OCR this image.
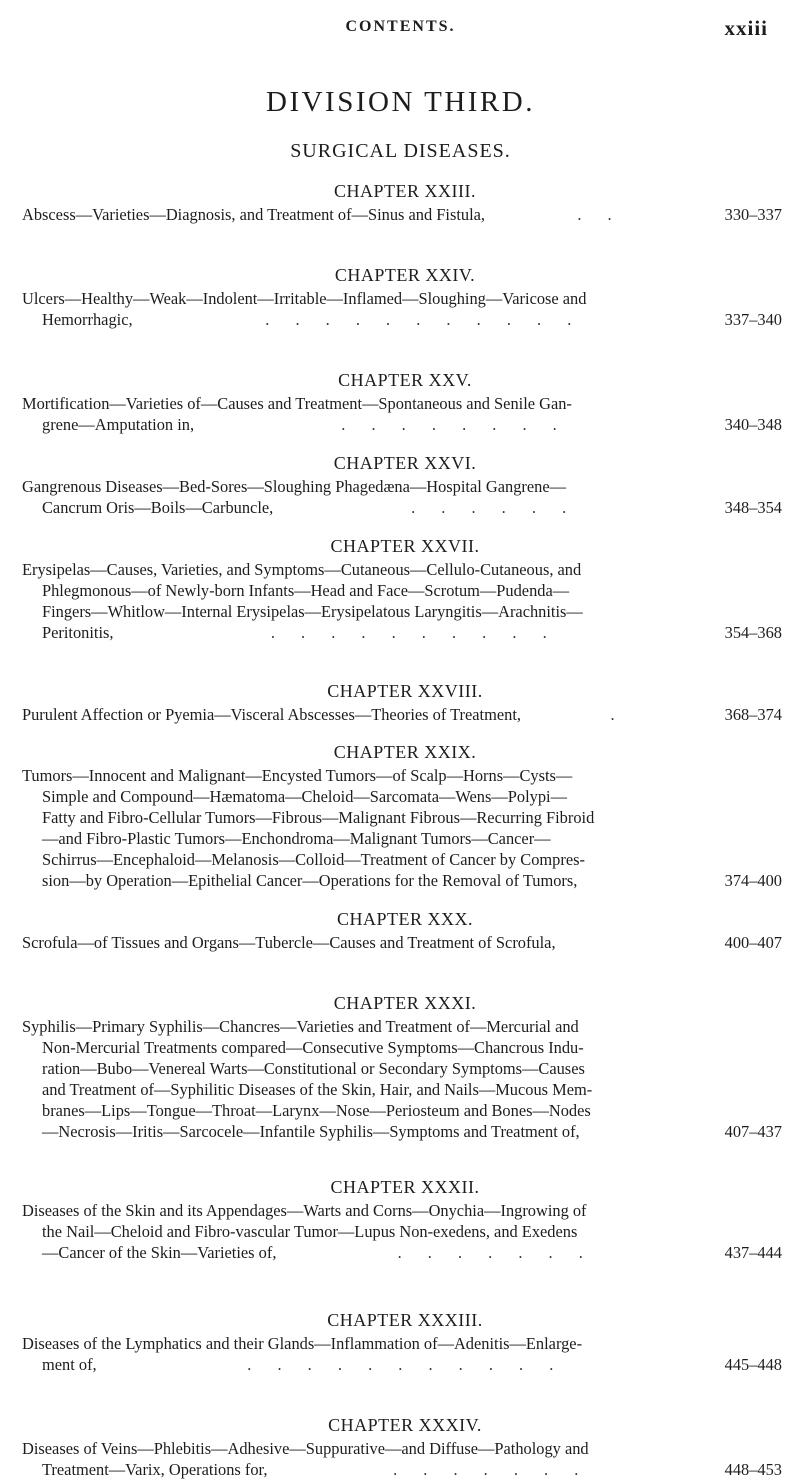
CONTENTS.	xxiii
DIVISION THIRD.
SURGICAL DISEASES.
CHAPTER XXIII.
Abscess—Varieties—Diagnosis, and Treatment of—Sinus and Fistula,	. .	330–337
CHAPTER XXIV.
Ulcers—Healthy—Weak—Indolent—Irritable—Inflamed—Sloughing—Varicose and
Hemorrhagic,	. . . . . . . . . . .	337–340
CHAPTER XXV.
Mortification—Varieties of—Causes and Treatment—Spontaneous and Senile Gan-
grene—Amputation in,	. . . . . . . .	340–348
CHAPTER XXVI.
Gangrenous Diseases—Bed-Sores—Sloughing Phagedæna—Hospital Gangrene—
Cancrum Oris—Boils—Carbuncle,	. . . . . .	348–354
CHAPTER XXVII.
Erysipelas—Causes, Varieties, and Symptoms—Cutaneous—Cellulo-Cutaneous, and
Phlegmonous—of Newly-born Infants—Head and Face—Scrotum—Pudenda—
Fingers—Whitlow—Internal Erysipelas—Erysipelatous Laryngitis—Arachnitis—
Peritonitis,	. . . . . . . . . .	354–368
CHAPTER XXVIII.
Purulent Affection or Pyemia—Visceral Abscesses—Theories of Treatment,	.	368–374
CHAPTER XXIX.
Tumors—Innocent and Malignant—Encysted Tumors—of Scalp—Horns—Cysts—
Simple and Compound—Hæmatoma—Cheloid—Sarcomata—Wens—Polypi—
Fatty and Fibro-Cellular Tumors—Fibrous—Malignant Fibrous—Recurring Fibroid
—and Fibro-Plastic Tumors—Enchondroma—Malignant Tumors—Cancer—
Schirrus—Encephaloid—Melanosis—Colloid—Treatment of Cancer by Compres-
sion—by Operation—Epithelial Cancer—Operations for the Removal of Tumors,	374–400
CHAPTER XXX.
Scrofula—of Tissues and Organs—Tubercle—Causes and Treatment of Scrofula,	400–407
CHAPTER XXXI.
Syphilis—Primary Syphilis—Chancres—Varieties and Treatment of—Mercurial and
Non-Mercurial Treatments compared—Consecutive Symptoms—Chancrous Indu-
ration—Bubo—Venereal Warts—Constitutional or Secondary Symptoms—Causes
and Treatment of—Syphilitic Diseases of the Skin, Hair, and Nails—Mucous Mem-
branes—Lips—Tongue—Throat—Larynx—Nose—Periosteum and Bones—Nodes
—Necrosis—Iritis—Sarcocele—Infantile Syphilis—Symptoms and Treatment of,	407–437
CHAPTER XXXII.
Diseases of the Skin and its Appendages—Warts and Corns—Onychia—Ingrowing of
the Nail—Cheloid and Fibro-vascular Tumor—Lupus Non-exedens, and Exedens
—Cancer of the Skin—Varieties of,	. . . . . . .	437–444
CHAPTER XXXIII.
Diseases of the Lymphatics and their Glands—Inflammation of—Adenitis—Enlarge-
ment of,	. . . . . . . . . . .	445–448
CHAPTER XXXIV.
Diseases of Veins—Phlebitis—Adhesive—Suppurative—and Diffuse—Pathology and
Treatment—Varix, Operations for,	. . . . . . .	448–453
